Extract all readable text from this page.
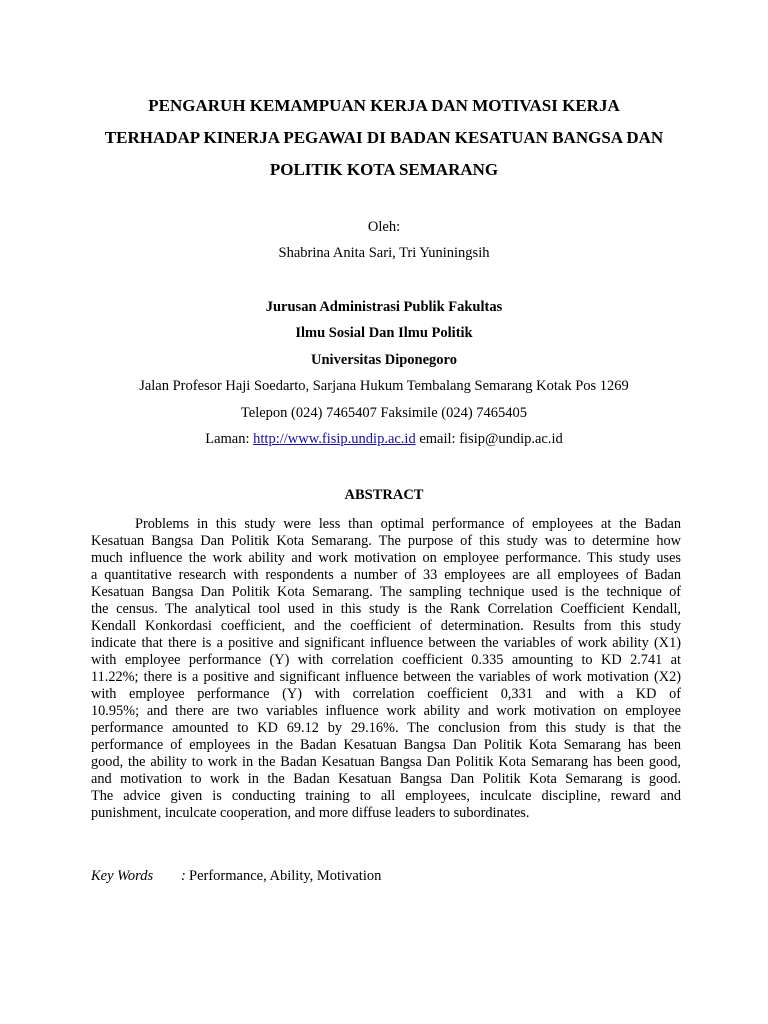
PENGARUH KEMAMPUAN KERJA DAN MOTIVASI KERJA
TERHADAP KINERJA PEGAWAI DI BADAN KESATUAN BANGSA DAN
POLITIK KOTA SEMARANG
Oleh:
Shabrina Anita Sari, Tri Yuniningsih
Jurusan Administrasi Publik Fakultas
Ilmu Sosial Dan Ilmu Politik
Universitas Diponegoro
Jalan Profesor Haji Soedarto, Sarjana Hukum Tembalang Semarang Kotak Pos 1269
Telepon (024) 7465407 Faksimile (024) 7465405
Laman: http://www.fisip.undip.ac.id email: fisip@undip.ac.id
ABSTRACT
Problems in this study were less than optimal performance of employees at the Badan
Kesatuan Bangsa Dan Politik Kota Semarang. The purpose of this study was to determine how
much influence the work ability and work motivation on employee performance. This study uses
a quantitative research with respondents a number of 33 employees are all employees of Badan
Kesatuan Bangsa Dan Politik Kota Semarang. The sampling technique used is the technique of
the census. The analytical tool used in this study is the Rank Correlation Coefficient Kendall,
Kendall Konkordasi coefficient, and the coefficient of determination. Results from this study
indicate that there is a positive and significant influence between the variables of work ability (X1)
with employee performance (Y) with correlation coefficient 0.335 amounting to KD 2.741 at
11.22%; there is a positive and significant influence between the variables of work motivation (X2)
with employee performance (Y) with correlation coefficient 0,331 and with a KD of
10.95%; and there are two variables influence work ability and work motivation on employee
performance amounted to KD 69.12 by 29.16%. The conclusion from this study is that the
performance of employees in the Badan Kesatuan Bangsa Dan Politik Kota Semarang has been
good, the ability to work in the Badan Kesatuan Bangsa Dan Politik Kota Semarang has been good,
and motivation to work in the Badan Kesatuan Bangsa Dan Politik Kota Semarang is good.
The advice given is conducting training to all employees, inculcate discipline, reward and
punishment, inculcate cooperation, and more diffuse leaders to subordinates.
Key Words : Performance, Ability, Motivation
